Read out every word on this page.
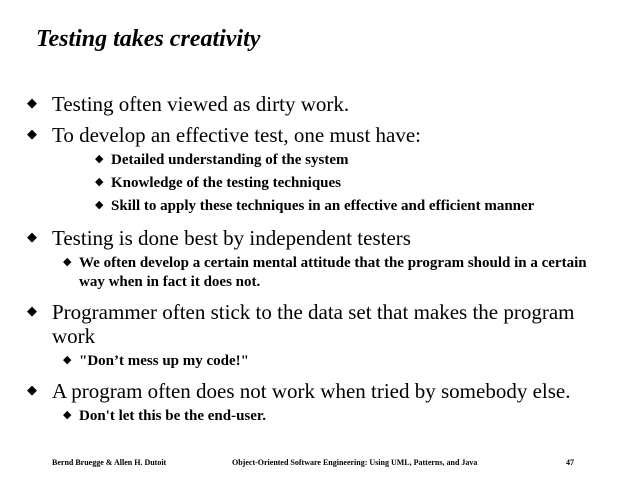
Testing takes creativity
◆ Testing often viewed as dirty work.
◆ To develop an effective test, one must have:
◆ Detailed understanding of the system
◆ Knowledge of the testing techniques
◆ Skill to apply these techniques in an effective and efficient manner
◆ Testing is done best by independent testers
◆ We often develop a certain mental attitude that the program should in a certain way when in fact it does not.
◆ Programmer often stick to the data set that makes the program work
◆ "Don’t mess up my code!"
◆ A program often does not work when tried by somebody else.
◆ Don't let this be the end-user.
Bernd Bruegge & Allen H. Dutoit	Object-Oriented Software Engineering: Using UML, Patterns, and Java	47
